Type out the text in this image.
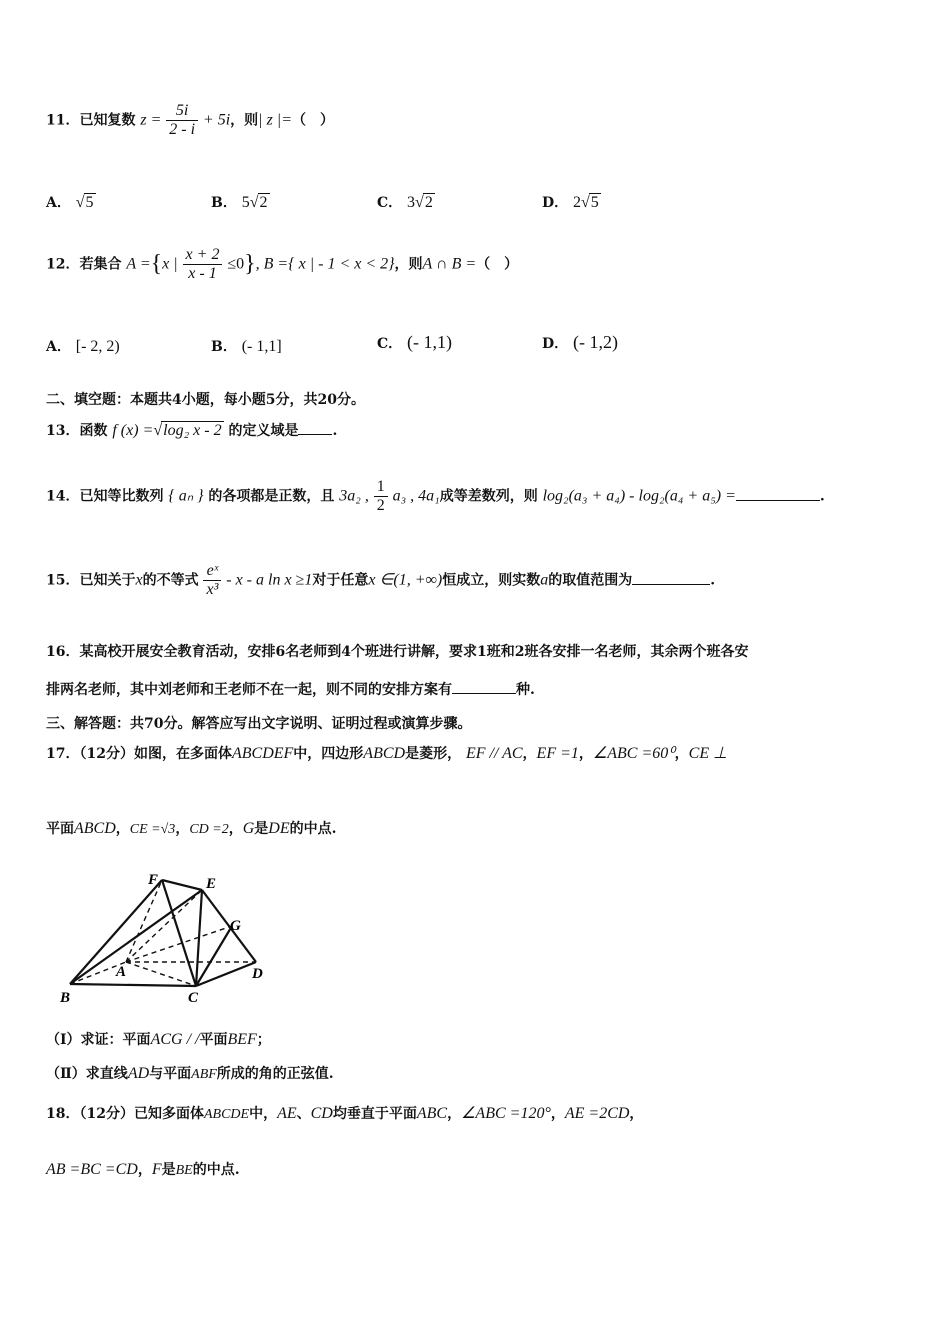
11．已知复数 $z = \frac{5i}{2 - i} + 5i$，则| z |=（　）
A． √5	B． 5√2	C． 3√2	D． 2√5
12．若集合 A ={x | $\frac{x + 2}{x - 1} \le 0$}, B ={ x | - 1 < x < 2}，则A ∩ B =（　）
A． [- 2, 2)	B． (- 1,1]	C． (- 1,1)	D． (- 1,2)
二、填空题：本题共4小题，每小题5分，共20分。
13．函数 f (x) =√log₂ x - 2 的定义域是 .
14．已知等比数列 { aₙ } 的各项都是正数，且 3a₂ , $\frac{1}{2} a_3$ , 4a₁成等差数列，则 log₂(a₃ + a₄) - log₂(a₄ + a₅) =	.
15．已知关于x的不等式 $\frac{\text{eˣ}}{\text{x³}}$ - x - a ln x ≥1对于任意x ∈(1, +∞)恒成立，则实数a的取值范围为	.
16．某高校开展安全教育活动，安排6名老师到4个班进行讲解，要求1班和2班各安排一名老师，其余两个班各安
排两名老师，其中刘老师和王老师不在一起，则不同的安排方案有	种.
三、解答题：共70分。解答应写出文字说明、证明过程或演算步骤。
17．（12分）如图，在多面体ABCDEF中，四边形ABCD是菱形， EF // AC，EF =1，∠ABC =60⁰，CE ⊥
平面ABCD，CE =√3，CD =2，G是DE的中点.
F	E
G
A	D
B	C
（Ⅰ）求证：平面ACG / /平面BEF；
（Ⅱ）求直线AD与平面ABF所成的角的正弦值.
18．（12分）已知多面体ABCDE中，AE、CD均垂直于平面ABC，∠ABC =120°，AE =2CD，
AB =BC =CD，F是BE的中点.
